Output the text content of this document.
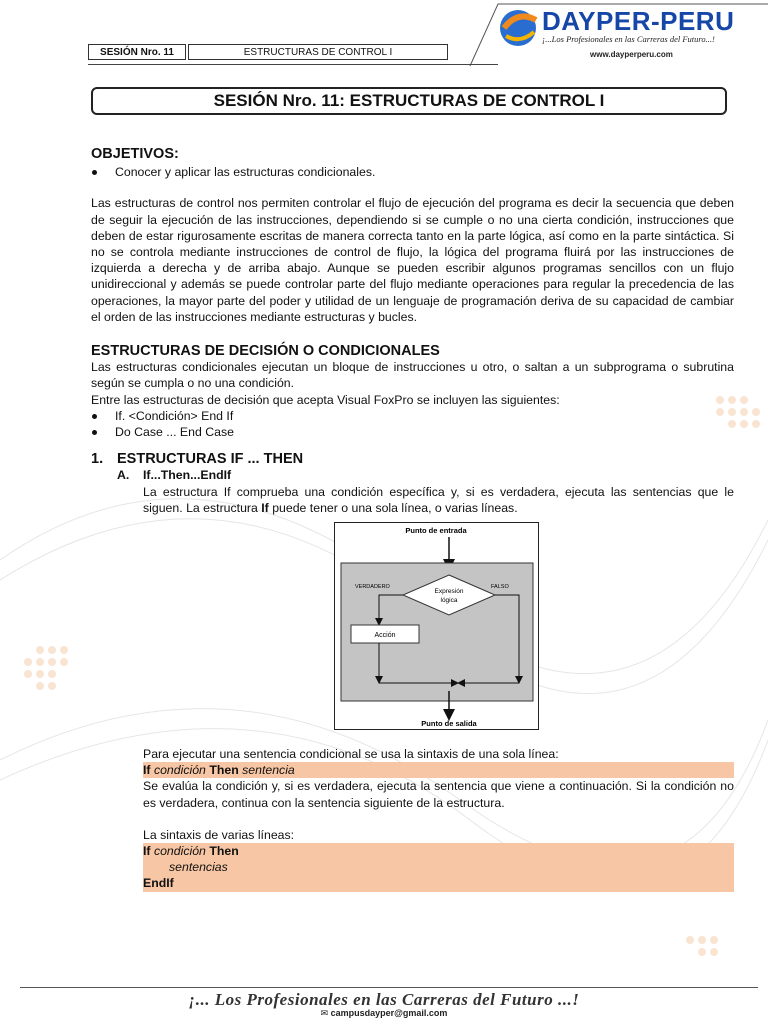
SESIÓN Nro. 11	ESTRUCTURAS DE CONTROL I
DAYPER-PERU
¡...Los Profesionales en las Carreras del Futuro...!
www.dayperperu.com
SESIÓN Nro. 11: ESTRUCTURAS DE CONTROL I
OBJETIVOS:
Conocer y aplicar las estructuras condicionales.

Las estructuras de control nos permiten controlar el flujo de ejecución del programa es decir la secuencia que deben de seguir la ejecución de las instrucciones, dependiendo si se cumple o no una cierta condición, instrucciones que deben de estar rigurosamente escritas de manera correcta tanto en la parte lógica, así como en la parte sintáctica. Si no se controla mediante instrucciones de control de flujo, la lógica del programa fluirá por las instrucciones de izquierda a derecha y de arriba abajo. Aunque se pueden escribir algunos programas sencillos con un flujo unidireccional y además se puede controlar parte del flujo mediante operaciones para regular la precedencia de las operaciones, la mayor parte del poder y utilidad de un lenguaje de programación deriva de su capacidad de cambiar el orden de las instrucciones mediante estructuras y bucles.

ESTRUCTURAS DE DECISIÓN O CONDICIONALES

Las estructuras condicionales ejecutan un bloque de instrucciones u otro, o saltan a un subprograma o subrutina según se cumpla o no una condición.

Entre las estructuras de decisión que acepta Visual FoxPro se incluyen las siguientes:

If. <Condición> End If
Do Case ... End Case
1. ESTRUCTURAS IF ... THEN
A.	If...Then...EndIf

La estructura If comprueba una condición específica y, si es verdadera, ejecuta las sentencias que le siguen. La estructura If puede tener o una sola línea, o varias líneas.

Punto de entrada
Expresión
lógica
VERDADERO	FALSO
Acción
Punto de salida

Para ejecutar una sentencia condicional se usa la sintaxis de una sola línea:

If condición Then sentencia

Se evalúa la condición y, si es verdadera, ejecuta la sentencia que viene a continuación. Si la condición no es verdadera, continua con la sentencia siguiente de la estructura.

La sintaxis de varias líneas:

If condición Then
sentencias
EndIf
¡... Los Profesionales en las Carreras del Futuro ...!
✉ campusdayper@gmail.com
